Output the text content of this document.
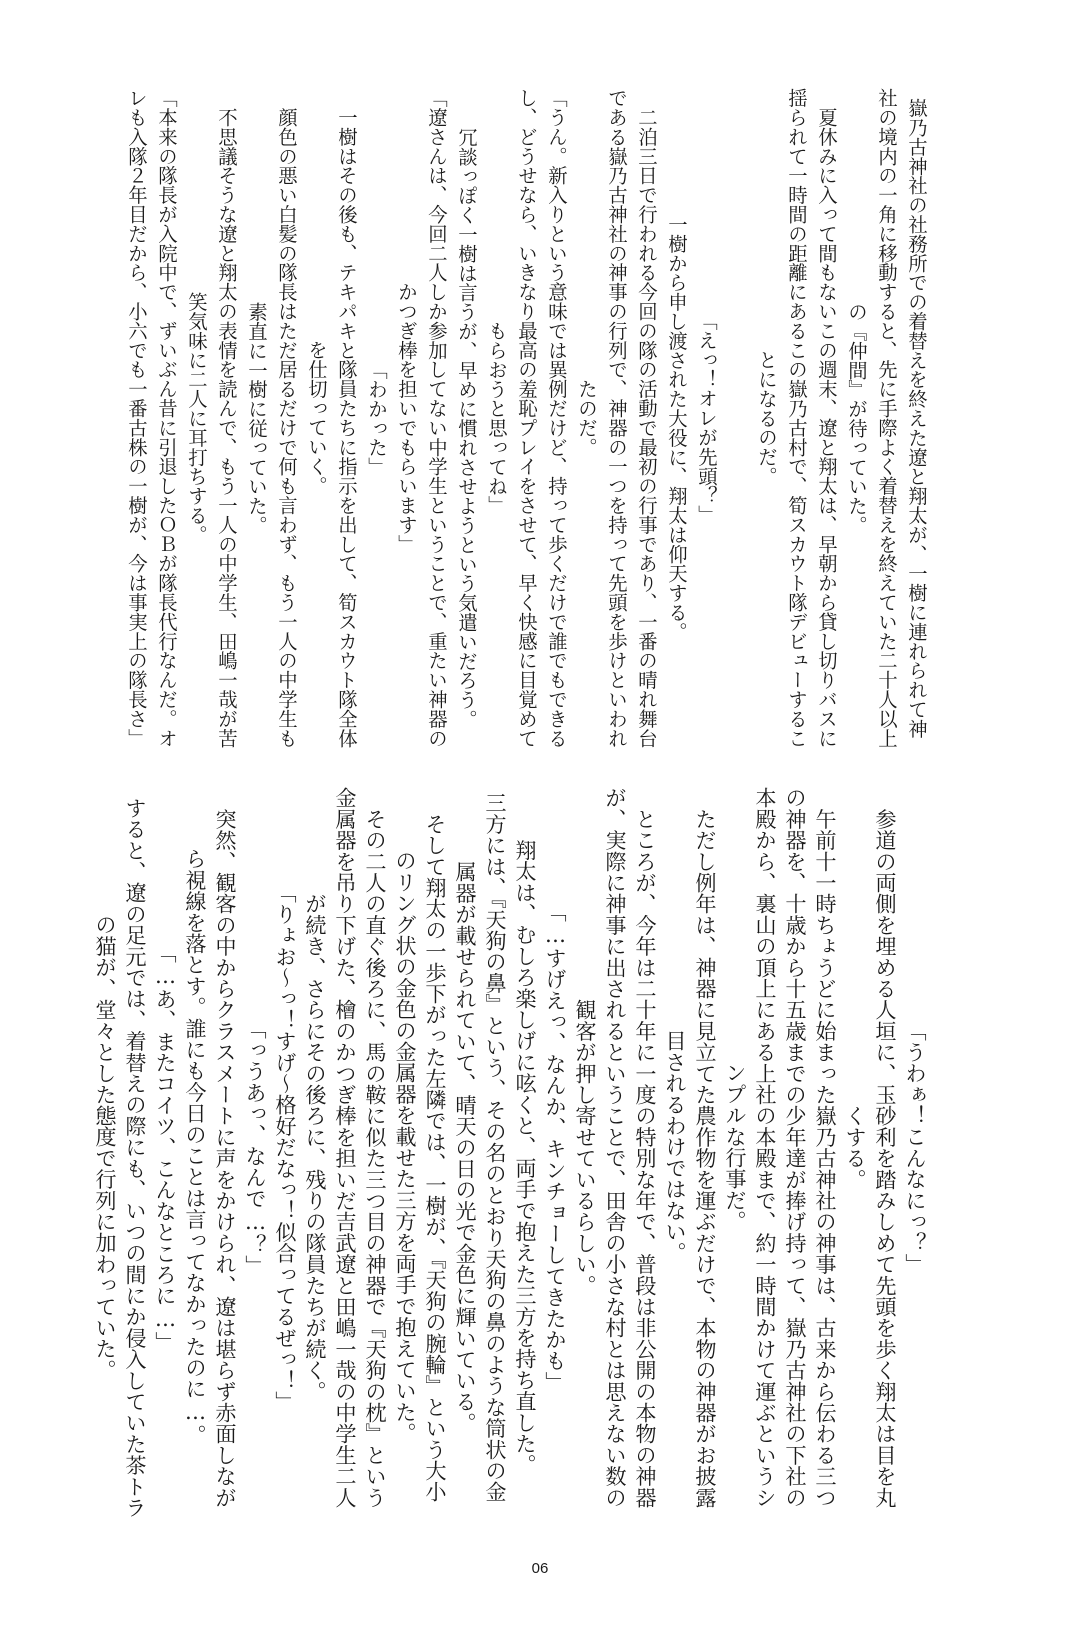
嶽乃古神社の社務所での着替えを終えた遼と翔太が、一樹に連れられて神
社の境内の一角に移動すると、先に手際よく着替えを終えていた二十人以上
の『仲間』が待っていた。
　夏休みに入って間もないこの週末、遼と翔太は、早朝から貸し切りバスに
揺られて一時間の距離にあるこの嶽乃古村で、筍スカウト隊デビューするこ
とになるのだ。
「えっ！オレが先頭？」
　一樹から申し渡された大役に、翔太は仰天する。
　二泊三日で行われる今回の隊の活動で最初の行事であり、一番の晴れ舞台
である嶽乃古神社の神事の行列で、神器の一つを持って先頭を歩けといわれ
たのだ。
「うん。新入りという意味では異例だけど、持って歩くだけで誰でもできる
し、どうせなら、いきなり最高の羞恥プレイをさせて、早く快感に目覚めて
もらおうと思ってね」
　冗談っぽく一樹は言うが、早めに慣れさせようという気遣いだろう。
「遼さんは、今回二人しか参加してない中学生ということで、重たい神器の
かつぎ棒を担いでもらいます」
「わかった」
　一樹はその後も、テキパキと隊員たちに指示を出して、筍スカウト隊全体
を仕切っていく。
　顔色の悪い白髪の隊長はただ居るだけで何も言わず、もう一人の中学生も
素直に一樹に従っていた。
　不思議そうな遼と翔太の表情を読んで、もう一人の中学生、田嶋一哉が苦
笑気味に二人に耳打ちする。
「本来の隊長が入院中で、ずいぶん昔に引退したＯＢが隊長代行なんだ。オ
レも入隊２年目だから、小六でも一番古株の一樹が、今は事実上の隊長さ」
「うわぁ！こんなにっ？」
　参道の両側を埋める人垣に、玉砂利を踏みしめて先頭を歩く翔太は目を丸
くする。
　午前十一時ちょうどに始まった嶽乃古神社の神事は、古来から伝わる三つ
の神器を、十歳から十五歳までの少年達が捧げ持って、嶽乃古神社の下社の
本殿から、裏山の頂上にある上社の本殿まで、約一時間かけて運ぶというシ
ンプルな行事だ。
　ただし例年は、神器に見立てた農作物を運ぶだけで、本物の神器がお披露
目されるわけではない。
　ところが、今年は二十年に一度の特別な年で、普段は非公開の本物の神器
が、実際に神事に出されるということで、田舎の小さな村とは思えない数の
観客が押し寄せているらしい。
「…すげえっ、なんか、キンチョーしてきたかも」
　翔太は、むしろ楽しげに呟くと、両手で抱えた三方を持ち直した。
三方には、『天狗の鼻』という、その名のとおり天狗の鼻のような筒状の金
属器が載せられていて、晴天の日の光で金色に輝いている。
　そして翔太の一歩下がった左隣では、一樹が、『天狗の腕輪』という大小
のリング状の金色の金属器を載せた三方を両手で抱えていた。
　その二人の直ぐ後ろに、馬の鞍に似た三つ目の神器で『天狗の枕』という
金属器を吊り下げた、檜のかつぎ棒を担いだ吉武遼と田嶋一哉の中学生二人
が続き、さらにその後ろに、残りの隊員たちが続く。
「りょお～っ！すげ～格好だなっ！似合ってるぜっ！」
「っうあっ、なんで…？」
　突然、観客の中からクラスメートに声をかけられ、遼は堪らず赤面しなが
ら視線を落とす。誰にも今日のことは言ってなかったのに…。
「…あ、またコイツ、こんなところに…」
　すると、遼の足元では、着替えの際にも、いつの間にか侵入していた茶トラ
の猫が、堂々とした態度で行列に加わっていた。
06
